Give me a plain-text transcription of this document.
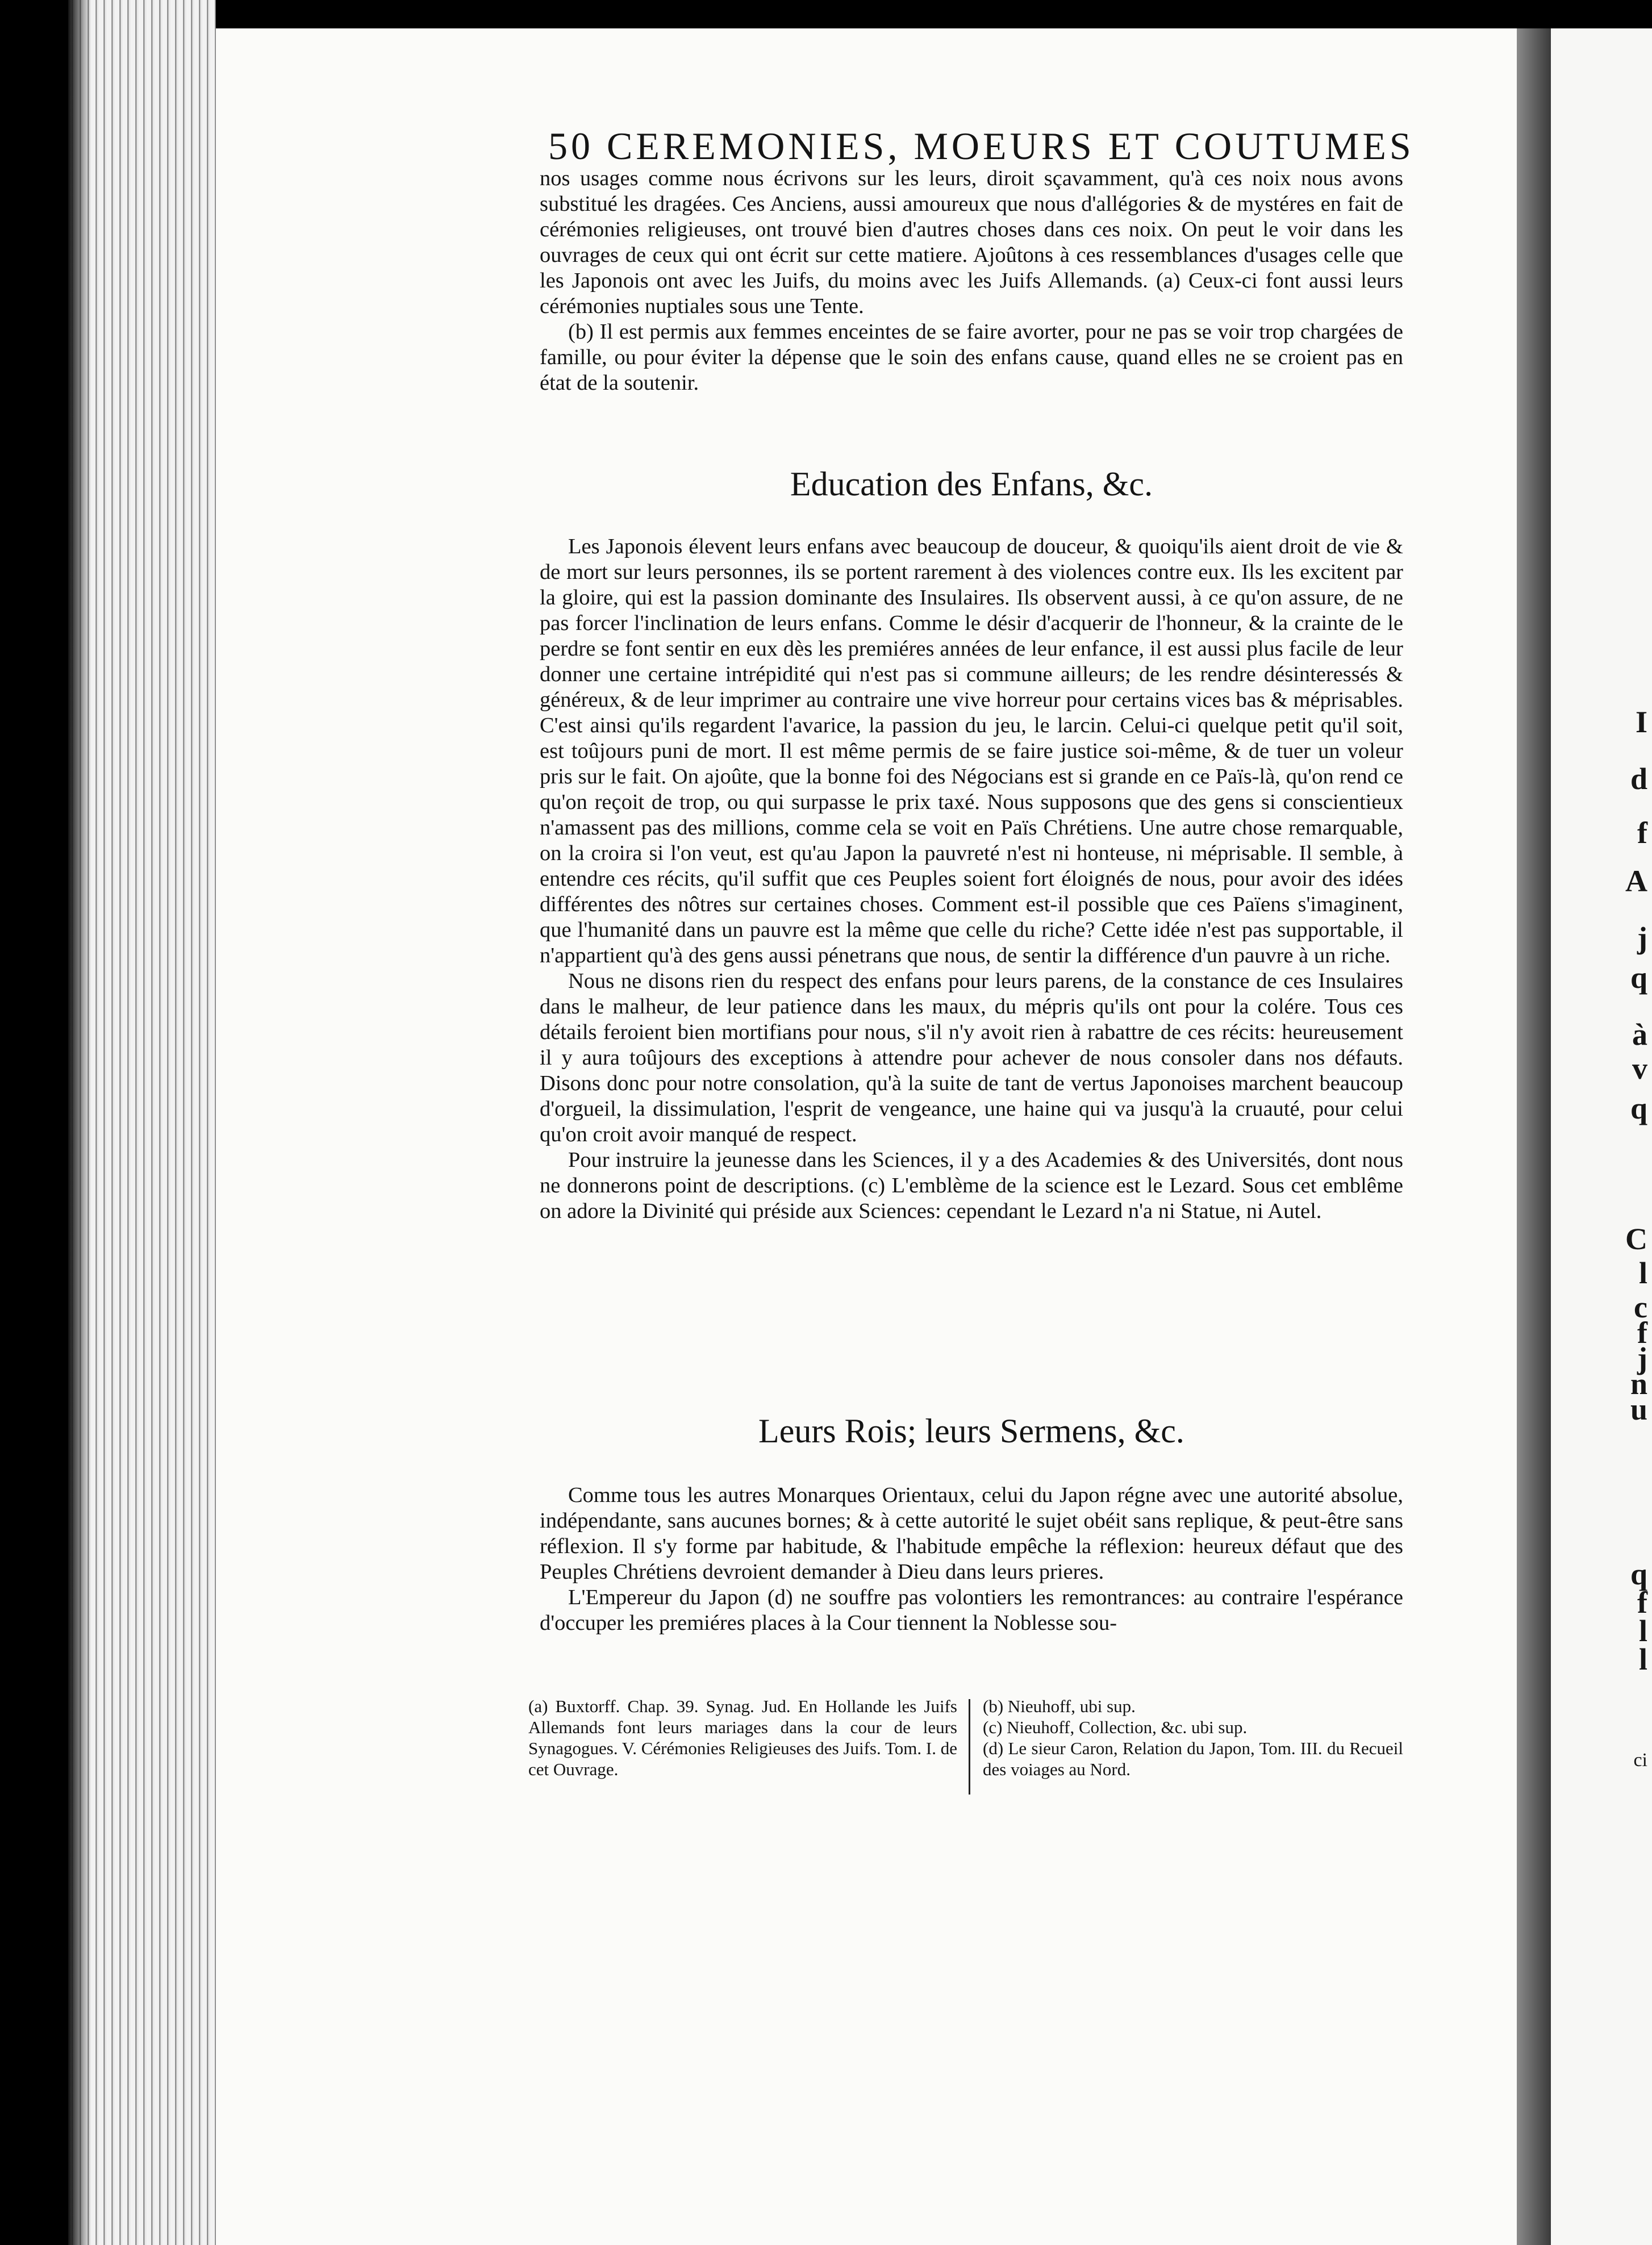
I
d
f
A
j
q
à
v
q
C
l
c
f
j
n
u
q
f
l
l
ci
50 CEREMONIES, MOEURS ET COUTUMES

nos usages comme nous écrivons sur les leurs, diroit sçavamment, qu'à ces noix nous avons substitué les dragées. Ces Anciens, aussi amoureux que nous d'allégories & de mystéres en fait de cérémonies religieuses, ont trouvé bien d'autres choses dans ces noix. On peut le voir dans les ouvrages de ceux qui ont écrit sur cette matiere. Ajoûtons à ces ressemblances d'usages celle que les Japonois ont avec les Juifs, du moins avec les Juifs Allemands. (a) Ceux-ci font aussi leurs cérémonies nuptiales sous une Tente.

(b) Il est permis aux femmes enceintes de se faire avorter, pour ne pas se voir trop chargées de famille, ou pour éviter la dépense que le soin des enfans cause, quand elles ne se croient pas en état de la soutenir.

Education des Enfans, &c.

Les Japonois élevent leurs enfans avec beaucoup de douceur, & quoiqu'ils aient droit de vie & de mort sur leurs personnes, ils se portent rarement à des violences contre eux. Ils les excitent par la gloire, qui est la passion dominante des Insulaires. Ils observent aussi, à ce qu'on assure, de ne pas forcer l'inclination de leurs enfans. Comme le désir d'acquerir de l'honneur, & la crainte de le perdre se font sentir en eux dès les premiéres années de leur enfance, il est aussi plus facile de leur donner une certaine intrépidité qui n'est pas si commune ailleurs; de les rendre désinteressés & généreux, & de leur imprimer au contraire une vive horreur pour certains vices bas & méprisables. C'est ainsi qu'ils regardent l'avarice, la passion du jeu, le larcin. Celui-ci quelque petit qu'il soit, est toûjours puni de mort. Il est même permis de se faire justice soi-même, & de tuer un voleur pris sur le fait. On ajoûte, que la bonne foi des Négocians est si grande en ce Païs-là, qu'on rend ce qu'on reçoit de trop, ou qui surpasse le prix taxé. Nous supposons que des gens si conscientieux n'amassent pas des millions, comme cela se voit en Païs Chrétiens. Une autre chose remarquable, on la croira si l'on veut, est qu'au Japon la pauvreté n'est ni honteuse, ni méprisable. Il semble, à entendre ces récits, qu'il suffit que ces Peuples soient fort éloignés de nous, pour avoir des idées différentes des nôtres sur certaines choses. Comment est-il possible que ces Païens s'imaginent, que l'humanité dans un pauvre est la même que celle du riche? Cette idée n'est pas supportable, il n'appartient qu'à des gens aussi pénetrans que nous, de sentir la différence d'un pauvre à un riche.

Nous ne disons rien du respect des enfans pour leurs parens, de la constance de ces Insulaires dans le malheur, de leur patience dans les maux, du mépris qu'ils ont pour la colére. Tous ces détails feroient bien mortifians pour nous, s'il n'y avoit rien à rabattre de ces récits: heureusement il y aura toûjours des exceptions à attendre pour achever de nous consoler dans nos défauts. Disons donc pour notre consolation, qu'à la suite de tant de vertus Japonoises marchent beaucoup d'orgueil, la dissimulation, l'esprit de vengeance, une haine qui va jusqu'à la cruauté, pour celui qu'on croit avoir manqué de respect.

Pour instruire la jeunesse dans les Sciences, il y a des Academies & des Universités, dont nous ne donnerons point de descriptions. (c) L'emblème de la science est le Lezard. Sous cet emblême on adore la Divinité qui préside aux Sciences: cependant le Lezard n'a ni Statue, ni Autel.

Leurs Rois; leurs Sermens, &c.

Comme tous les autres Monarques Orientaux, celui du Japon régne avec une autorité absolue, indépendante, sans aucunes bornes; & à cette autorité le sujet obéit sans replique, & peut-être sans réflexion. Il s'y forme par habitude, & l'habitude empêche la réflexion: heureux défaut que des Peuples Chrétiens devroient demander à Dieu dans leurs prieres.

L'Empereur du Japon (d) ne souffre pas volontiers les remontrances: au contraire l'espérance d'occuper les premiéres places à la Cour tiennent la Noblesse sou-

(a) Buxtorff. Chap. 39. Synag. Jud. En Hollande les Juifs Allemands font leurs mariages dans la cour de leurs Synagogues. V. Cérémonies Religieuses des Juifs. Tom. I. de cet Ouvrage.

(b) Nieuhoff, ubi sup.

(c) Nieuhoff, Collection, &c. ubi sup.

(d) Le sieur Caron, Relation du Japon, Tom. III. du Recueil des voiages au Nord.
